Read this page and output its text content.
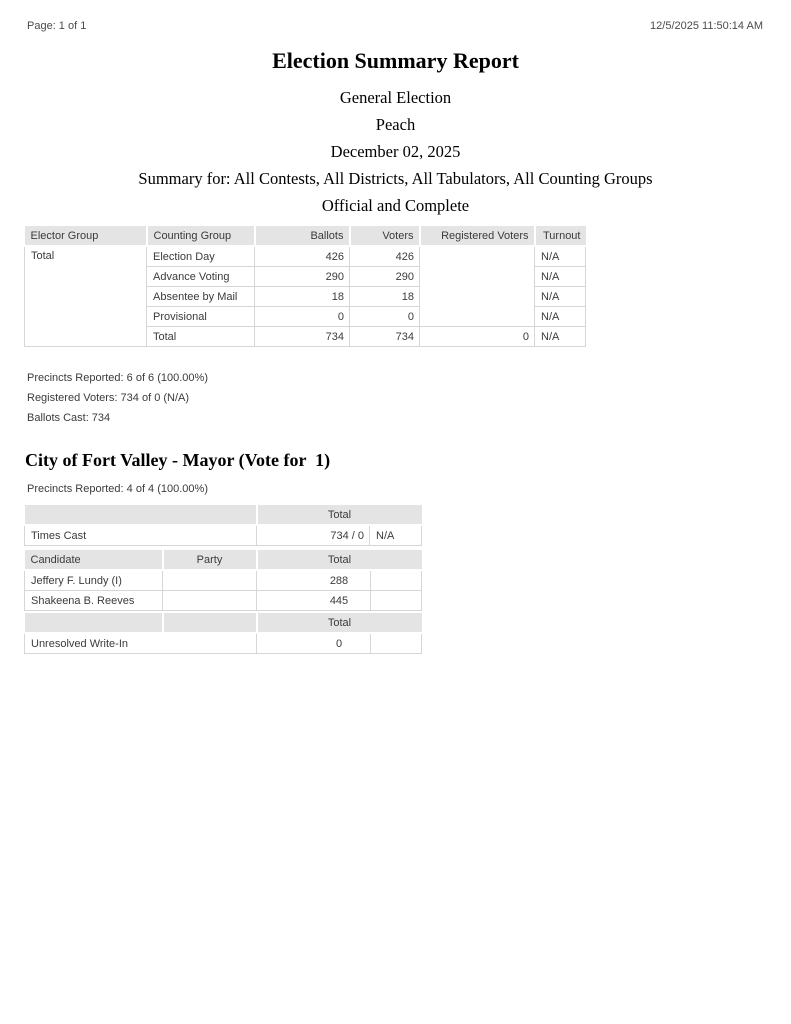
Page: 1 of 1	12/5/2025 11:50:14 AM
Election Summary Report
General Election
Peach
December 02, 2025
Summary for: All Contests, All Districts, All Tabulators, All Counting Groups
Official and Complete
Elector Group	Counting Group	Ballots	Voters	Registered Voters	Turnout
Total	Election Day	426	426		N/A
	Advance Voting	290	290		N/A
	Absentee by Mail	18	18		N/A
	Provisional	0	0		N/A
	Total	734	734	0	N/A
Precincts Reported: 6 of 6 (100.00%)
Registered Voters: 734 of 0 (N/A)
Ballots Cast: 734
City of Fort Valley - Mayor (Vote for  1)
Precincts Reported: 4 of 4 (100.00%)
	Total	
Times Cast	734 / 0	N/A
Candidate	Party	Total
Jeffery F. Lundy (I)		288
Shakeena B. Reeves		445
		Total
Unresolved Write-In		0
